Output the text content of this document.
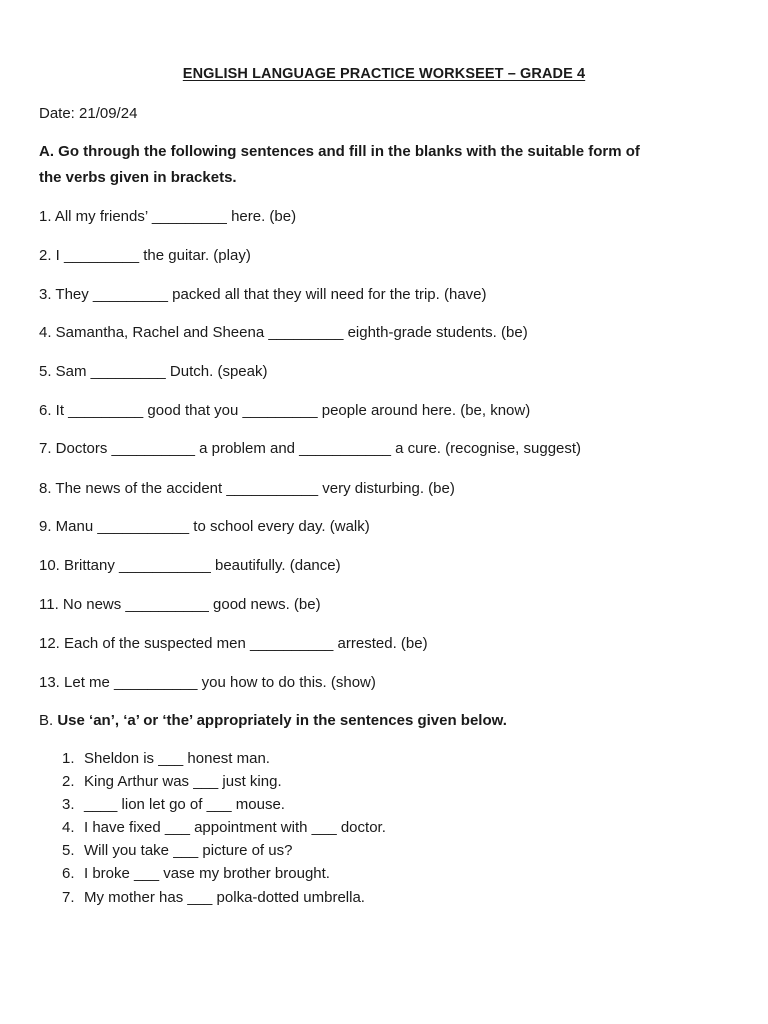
ENGLISH LANGUAGE PRACTICE WORKSEET – GRADE 4
Date: 21/09/24
A. Go through the following sentences and fill in the blanks with the suitable form of
the verbs given in brackets.
1. All my friends’ _________ here. (be)
2. I _________ the guitar. (play)
3. They _________ packed all that they will need for the trip. (have)
4. Samantha, Rachel and Sheena _________ eighth-grade students. (be)
5. Sam _________ Dutch. (speak)
6. It _________ good that you _________ people around here. (be, know)
7. Doctors __________ a problem and ___________ a cure. (recognise, suggest)
8. The news of the accident ___________ very disturbing. (be)
9. Manu ___________ to school every day. (walk)
10. Brittany ___________ beautifully. (dance)
11. No news __________ good news. (be)
12. Each of the suspected men __________ arrested. (be)
13. Let me __________ you how to do this. (show)
B. Use ‘an’, ‘a’ or ‘the’ appropriately in the sentences given below.
1. Sheldon is ___ honest man.
2. King Arthur was ___ just king.
3. ____ lion let go of ___ mouse.
4. I have fixed ___ appointment with ___ doctor.
5. Will you take ___ picture of us?
6. I broke ___ vase my brother brought.
7. My mother has ___ polka-dotted umbrella.
